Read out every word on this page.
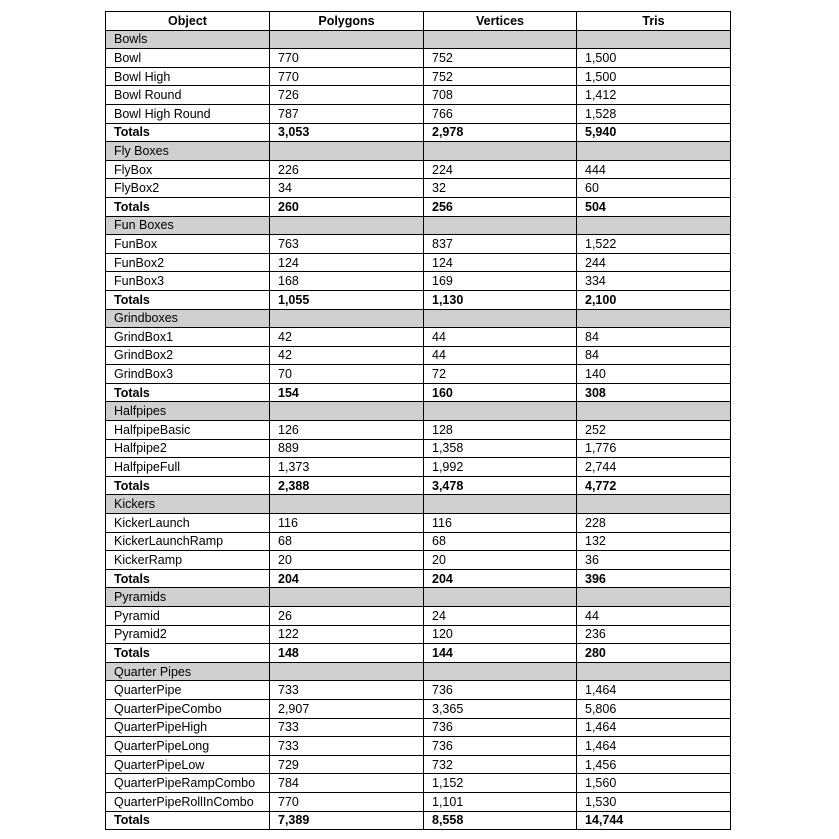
Object	Polygons	Vertices	Tris
Bowls			
Bowl	770	752	1,500
Bowl High	770	752	1,500
Bowl Round	726	708	1,412
Bowl High Round	787	766	1,528
Totals	3,053	2,978	5,940
Fly Boxes			
FlyBox	226	224	444
FlyBox2	34	32	60
Totals	260	256	504
Fun Boxes			
FunBox	763	837	1,522
FunBox2	124	124	244
FunBox3	168	169	334
Totals	1,055	1,130	2,100
Grindboxes			
GrindBox1	42	44	84
GrindBox2	42	44	84
GrindBox3	70	72	140
Totals	154	160	308
Halfpipes			
HalfpipeBasic	126	128	252
Halfpipe2	889	1,358	1,776
HalfpipeFull	1,373	1,992	2,744
Totals	2,388	3,478	4,772
Kickers			
KickerLaunch	116	116	228
KickerLaunchRamp	68	68	132
KickerRamp	20	20	36
Totals	204	204	396
Pyramids			
Pyramid	26	24	44
Pyramid2	122	120	236
Totals	148	144	280
Quarter Pipes			
QuarterPipe	733	736	1,464
QuarterPipeCombo	2,907	3,365	5,806
QuarterPipeHigh	733	736	1,464
QuarterPipeLong	733	736	1,464
QuarterPipeLow	729	732	1,456
QuarterPipeRampCombo	784	1,152	1,560
QuarterPipeRollInCombo	770	1,101	1,530
Totals	7,389	8,558	14,744
